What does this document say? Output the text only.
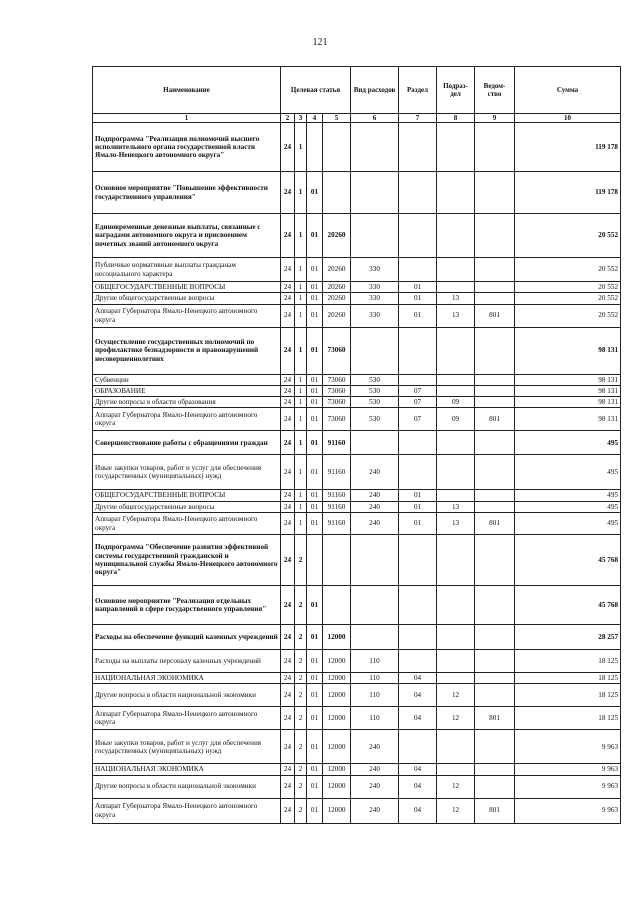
121
Наименование	Целевая статья				Вид расходов	Раздел	Подраз- дел	Ведом- ство	Сумма
1	2	3	4	5	6	7	8	9	10
Подпрограмма "Реализация полномочий высшего исполнительного органа государственной власти Ямало-Ненецкого автономного округа"	24	1							119 178
Основное мероприятие "Повышение эффективности государственного управления"	24	1	01						119 178
Единовременные денежные выплаты, связанные с наградами автономного округа и присвоением почетных званий автономного округа	24	1	01	20260					20 552
Публичные нормативные выплаты гражданам несоциального характера	24	1	01	20260	330				20 552
ОБЩЕГОСУДАРСТВЕННЫЕ ВОПРОСЫ	24	1	01	20260	330	01			20 552
Другие общегосударственные вопросы	24	1	01	20260	330	01	13		20 552
Аппарат Губернатора Ямало-Ненецкого автономного округа	24	1	01	20260	330	01	13	801	20 552
Осуществление государственных полномочий по профилактике безнадзорности и правонарушений несовершеннолетних	24	1	01	73060					98 131
Субвенции	24	1	01	73060	530				98 131
ОБРАЗОВАНИЕ	24	1	01	73060	530	07			98 131
Другие вопросы в области образования	24	1	01	73060	530	07	09		98 131
Аппарат Губернатора Ямало-Ненецкого автономного округа	24	1	01	73060	530	07	09	801	98 131
Совершенствование работы с обращениями граждан	24	1	01	91160					495
Иные закупки товаров, работ и услуг для обеспечения государственных (муниципальных) нужд	24	1	01	91160	240				495
ОБЩЕГОСУДАРСТВЕННЫЕ ВОПРОСЫ	24	1	01	91160	240	01			495
Другие общегосударственные вопросы	24	1	01	91160	240	01	13		495
Аппарат Губернатора Ямало-Ненецкого автономного округа	24	1	01	91160	240	01	13	801	495
Подпрограмма "Обеспечение развития эффективной системы государственной гражданской и муниципальной службы Ямало-Ненецкого автономного округа"	24	2							45 768
Основное мероприятие "Реализация отдельных направлений в сфере государственного управления"	24	2	01						45 768
Расходы на обеспечение функций казенных учреждений	24	2	01	12000					28 257
Расходы на выплаты персоналу казенных учреждений	24	2	01	12000	110				18 125
НАЦИОНАЛЬНАЯ ЭКОНОМИКА	24	2	01	12000	110	04			18 125
Другие вопросы в области национальной экономики	24	2	01	12000	110	04	12		18 125
Аппарат Губернатора Ямало-Ненецкого автономного округа	24	2	01	12000	110	04	12	801	18 125
Иные закупки товаров, работ и услуг для обеспечения государственных (муниципальных) нужд	24	2	01	12000	240				9 963
НАЦИОНАЛЬНАЯ ЭКОНОМИКА	24	2	01	12000	240	04			9 963
Другие вопросы в области национальной экономики	24	2	01	12000	240	04	12		9 963
Аппарат Губернатора Ямало-Ненецкого автономного округа	24	2	01	12000	240	04	12	801	9 963
